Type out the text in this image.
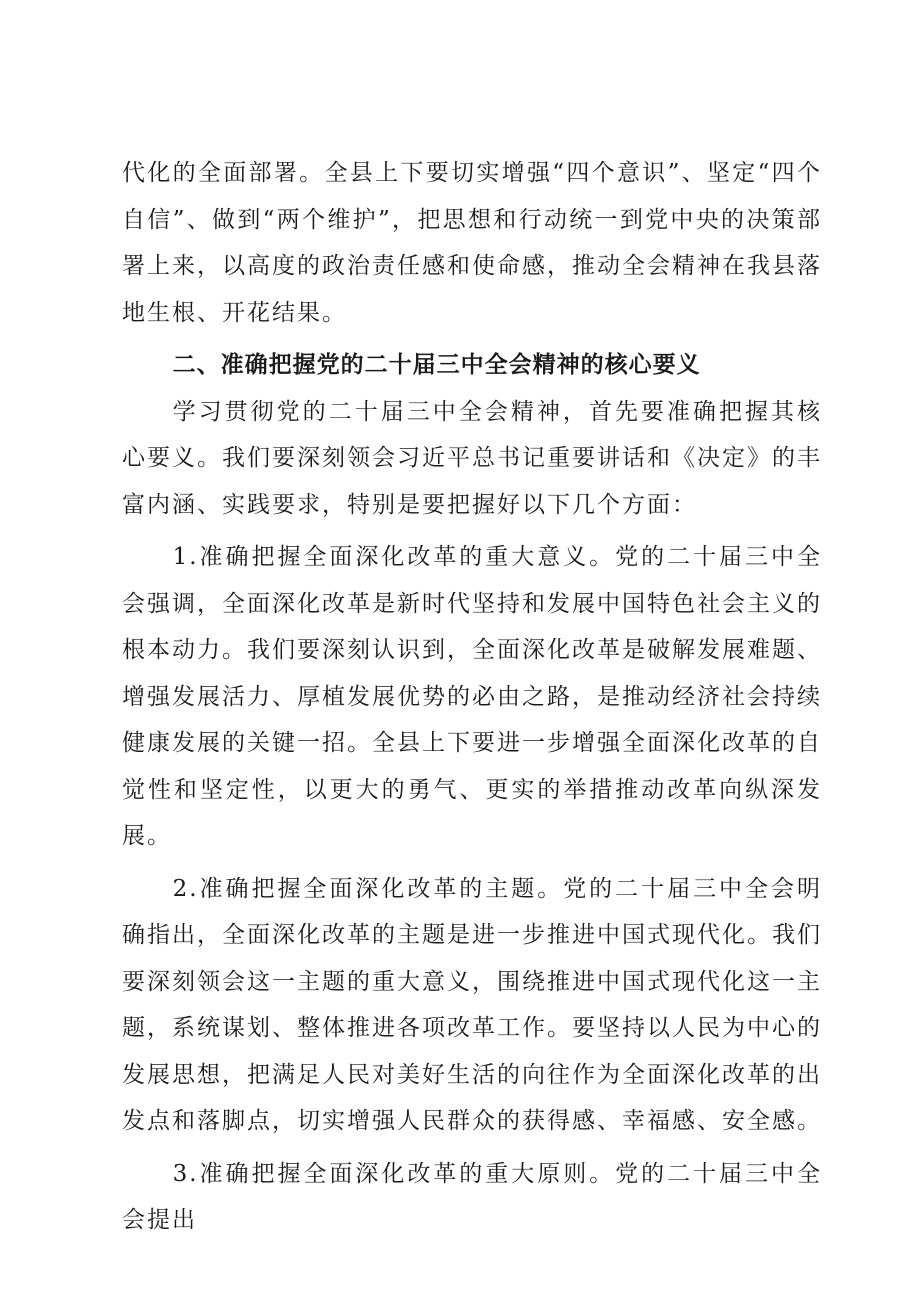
代化的全面部署。全县上下要切实增强“四个意识”、坚定“四个自信”、做到“两个维护”，把思想和行动统一到党中央的决策部署上来，以高度的政治责任感和使命感，推动全会精神在我县落地生根、开花结果。

二、准确把握党的二十届三中全会精神的核心要义

学习贯彻党的二十届三中全会精神，首先要准确把握其核心要义。我们要深刻领会习近平总书记重要讲话和《决定》的丰富内涵、实践要求，特别是要把握好以下几个方面：

1.准确把握全面深化改革的重大意义。党的二十届三中全会强调，全面深化改革是新时代坚持和发展中国特色社会主义的根本动力。我们要深刻认识到，全面深化改革是破解发展难题、增强发展活力、厚植发展优势的必由之路，是推动经济社会持续健康发展的关键一招。全县上下要进一步增强全面深化改革的自觉性和坚定性，以更大的勇气、更实的举措推动改革向纵深发展。

2.准确把握全面深化改革的主题。党的二十届三中全会明确指出，全面深化改革的主题是进一步推进中国式现代化。我们要深刻领会这一主题的重大意义，围绕推进中国式现代化这一主题，系统谋划、整体推进各项改革工作。要坚持以人民为中心的发展思想，把满足人民对美好生活的向往作为全面深化改革的出发点和落脚点，切实增强人民群众的获得感、幸福感、安全感。

3.准确把握全面深化改革的重大原则。党的二十届三中全会提出
